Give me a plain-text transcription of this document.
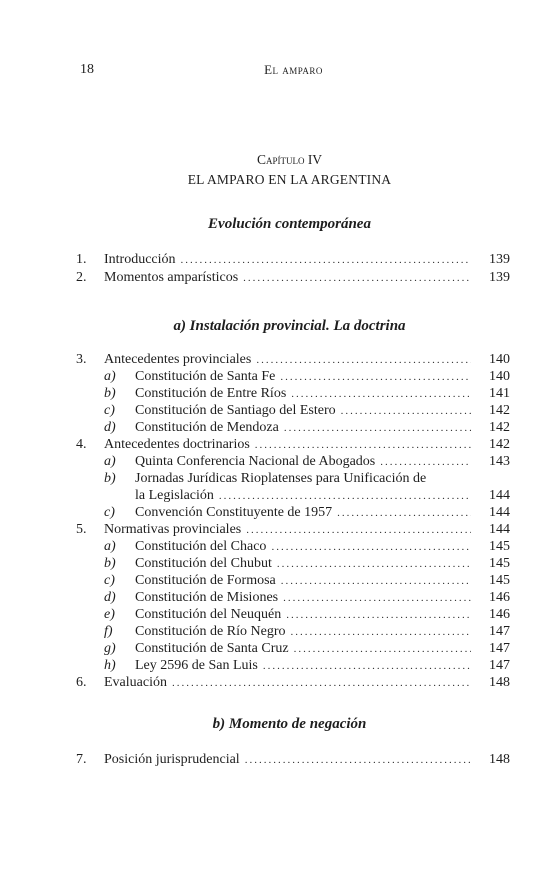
18	El amparo
Capítulo IV
EL AMPARO EN LA ARGENTINA
Evolución contemporánea
1.	Introducción .....	139
2.	Momentos amparísticos .....	139
a) Instalación provincial. La doctrina
3.	Antecedentes provinciales .....	140
a)	Constitución de Santa Fe .....	140
b)	Constitución de Entre Ríos .....	141
c)	Constitución de Santiago del Estero .....	142
d)	Constitución de Mendoza .....	142
4.	Antecedentes doctrinarios .....	142
a)	Quinta Conferencia Nacional de Abogados .....	143
b)	Jornadas Jurídicas Rioplatenses para Unificación de
la Legislación .....	144
c)	Convención Constituyente de 1957 .....	144
5.	Normativas provinciales .....	144
a)	Constitución del Chaco .....	145
b)	Constitución del Chubut .....	145
c)	Constitución de Formosa .....	145
d)	Constitución de Misiones .....	146
e)	Constitución del Neuquén .....	146
f)	Constitución de Río Negro .....	147
g)	Constitución de Santa Cruz .....	147
h)	Ley 2596 de San Luis .....	147
6.	Evaluación .....	148
b) Momento de negación
7.	Posición jurisprudencial .....	148
